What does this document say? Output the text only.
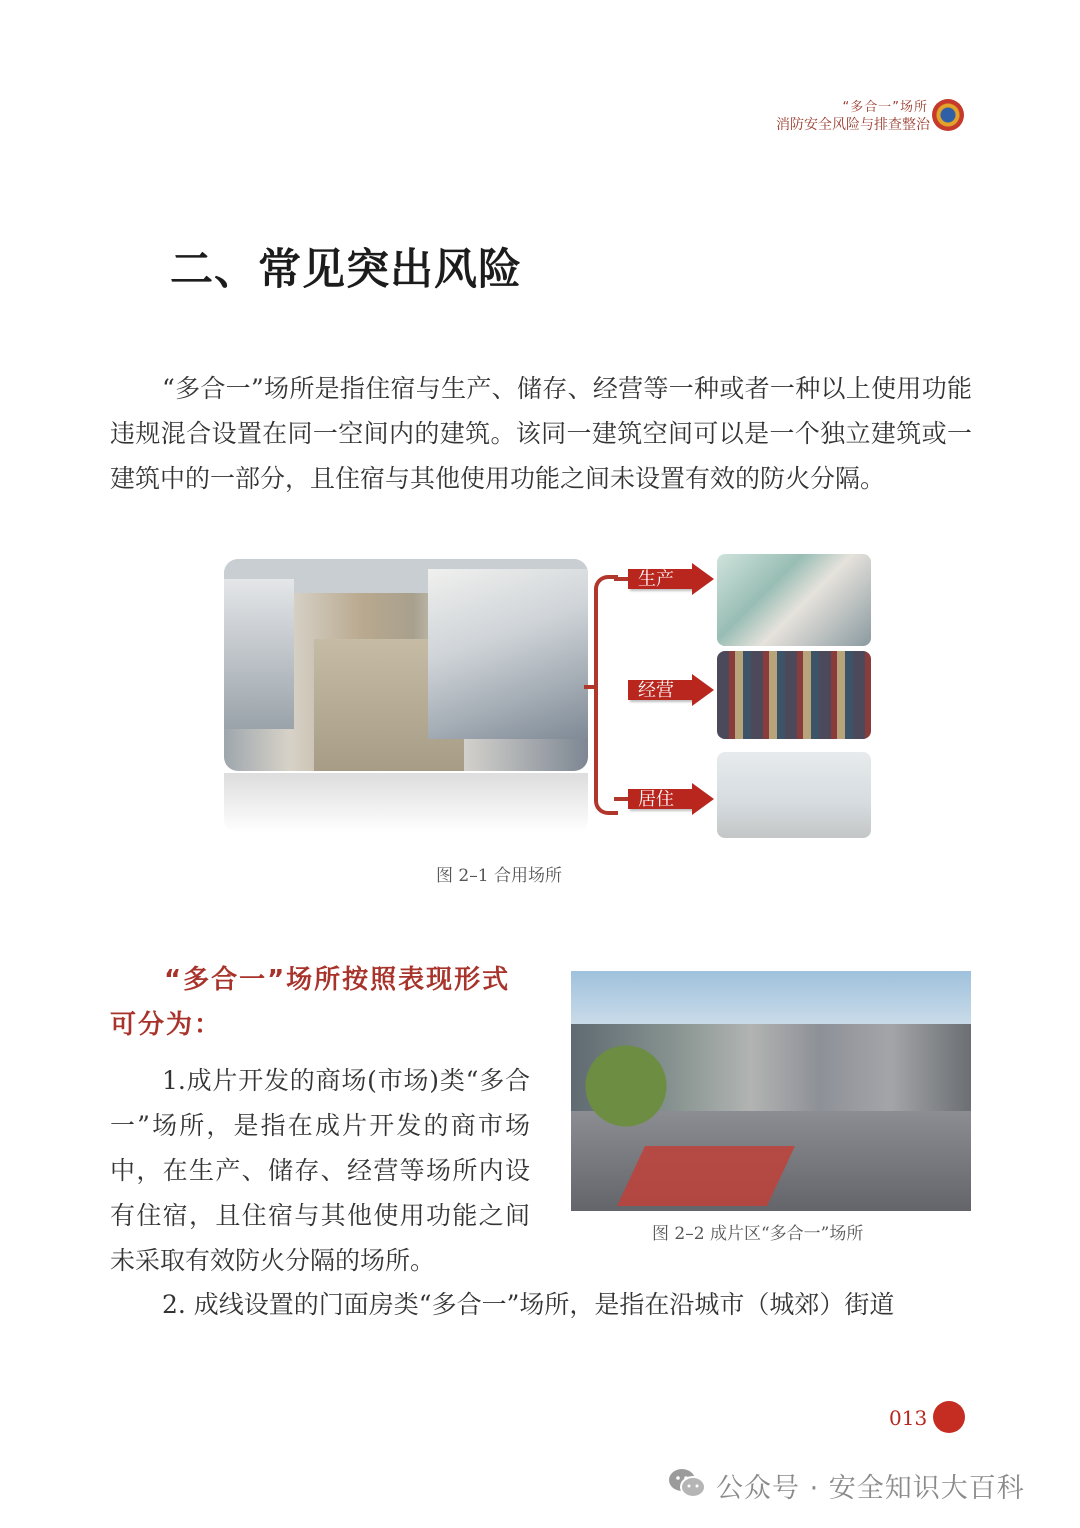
“多合一”场所
消防安全风险与排查整治
二、常见突出风险
“多合一”场所是指住宿与生产、储存、经营等一种或者一种以上使用功能违规混合设置在同一空间内的建筑。该同一建筑空间可以是一个独立建筑或一建筑中的一部分，且住宿与其他使用功能之间未设置有效的防火分隔。
生产
经营
居住
图 2–1 合用场所
“多合一”场所按照表现形式可分为：
1.成片开发的商场(市场)类“多合一”场所，是指在成片开发的商市场中，在生产、储存、经营等场所内设有住宿，且住宿与其他使用功能之间未采取有效防火分隔的场所。
图 2–2 成片区“多合一”场所
2. 成线设置的门面房类“多合一”场所，是指在沿城市（城郊）街道
013
公众号 · 安全知识大百科
